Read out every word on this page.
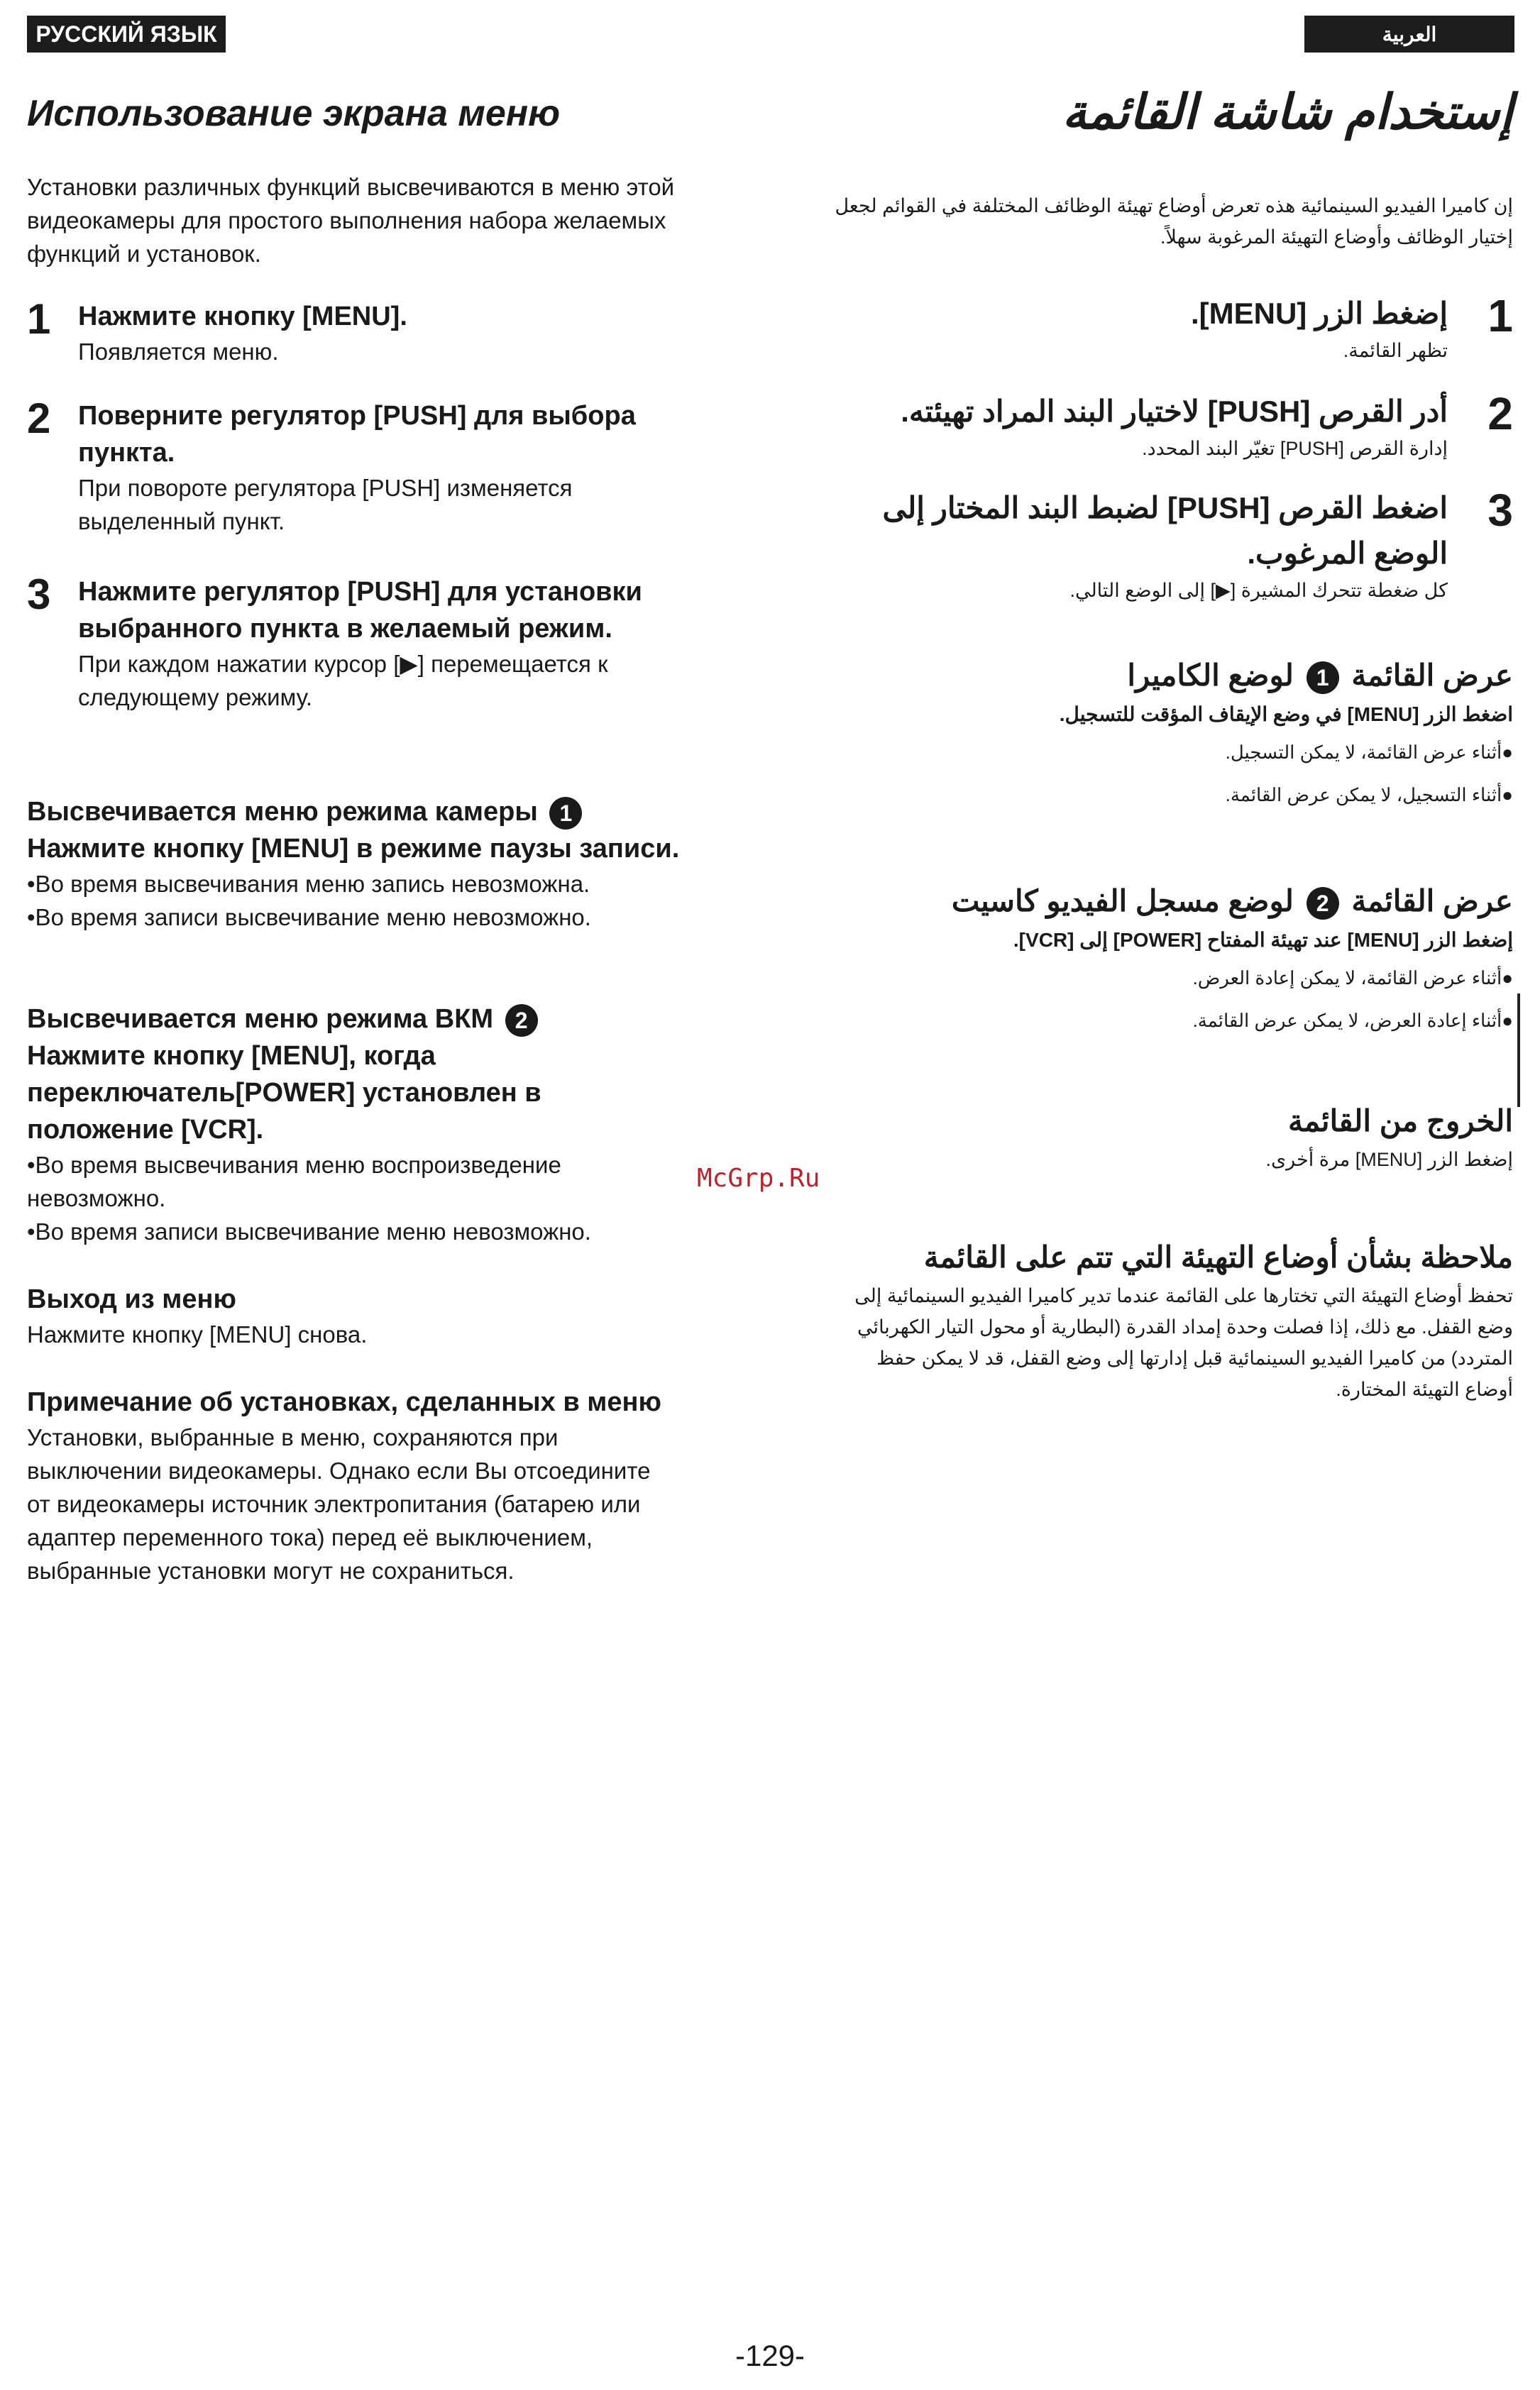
РУССКИЙ ЯЗЫК	العربية
Использование экрана меню
Установки различных функций высвечиваются в меню этой видеокамеры для простого выполнения набора желаемых функций и установок.
1 Нажмите кнопку [MENU].
Появляется меню.
2 Поверните регулятор [PUSH] для выбора пункта.
При повороте регулятора [PUSH] изменяется выделенный пункт.
3 Нажмите регулятор [PUSH] для установки выбранного пункта в желаемый режим.
При каждом нажатии курсор [▶] перемещается к следующему режиму.
Высвечивается меню режима камеры 1
Нажмите кнопку [MENU] в режиме паузы записи.
•Во время высвечивания меню запись невозможна.
•Во время записи высвечивание меню невозможно.
Высвечивается меню режима ВКМ 2
Нажмите кнопку [MENU], когда переключатель[POWER] установлен в положение [VCR].
•Во время высвечивания меню воспроизведение невозможно.
•Во время записи высвечивание меню невозможно.
Выход из меню
Нажмите кнопку [MENU] снова.
Примечание об установках, сделанных в меню
Установки, выбранные в меню, сохраняются при выключении видеокамеры. Однако если Вы отсоедините от видеокамеры источник электропитания (батарею или адаптер переменного тока) перед её выключением, выбранные установки могут не сохраниться.
إستخدام شاشة القائمة
إن كاميرا الفيديو السينمائية هذه تعرض أوضاع تهيئة الوظائف المختلفة في القوائم لجعل إختيار الوظائف وأوضاع التهيئة المرغوبة سهلاً.
1
إضغط الزر [MENU].
تظهر القائمة.
2
أدر القرص [PUSH] لاختيار البند المراد تهيئته.
إدارة القرص [PUSH] تغيّر البند المحدد.
3
اضغط القرص [PUSH] لضبط البند المختار إلى الوضع المرغوب.
كل ضغطة تتحرك المشيرة [▶] إلى الوضع التالي.
عرض القائمة 1 لوضع الكاميرا
اضغط الزر [MENU] في وضع الإيقاف المؤقت للتسجيل.
●أثناء عرض القائمة، لا يمكن التسجيل.
●أثناء التسجيل، لا يمكن عرض القائمة.
عرض القائمة 2 لوضع مسجل الفيديو كاسيت
إضغط الزر [MENU] عند تهيئة المفتاح [POWER] إلى [VCR].
●أثناء عرض القائمة، لا يمكن إعادة العرض.
●أثناء إعادة العرض، لا يمكن عرض القائمة.
الخروج من القائمة
إضغط الزر [MENU] مرة أخرى.
ملاحظة بشأن أوضاع التهيئة التي تتم على القائمة
تحفظ أوضاع التهيئة التي تختارها على القائمة عندما تدير كاميرا الفيديو السينمائية إلى وضع القفل. مع ذلك، إذا فصلت وحدة إمداد القدرة (البطارية أو محول التيار الكهربائي المتردد) من كاميرا الفيديو السينمائية قبل إدارتها إلى وضع القفل، قد لا يمكن حفظ أوضاع التهيئة المختارة.
McGrp.Ru
-129-
